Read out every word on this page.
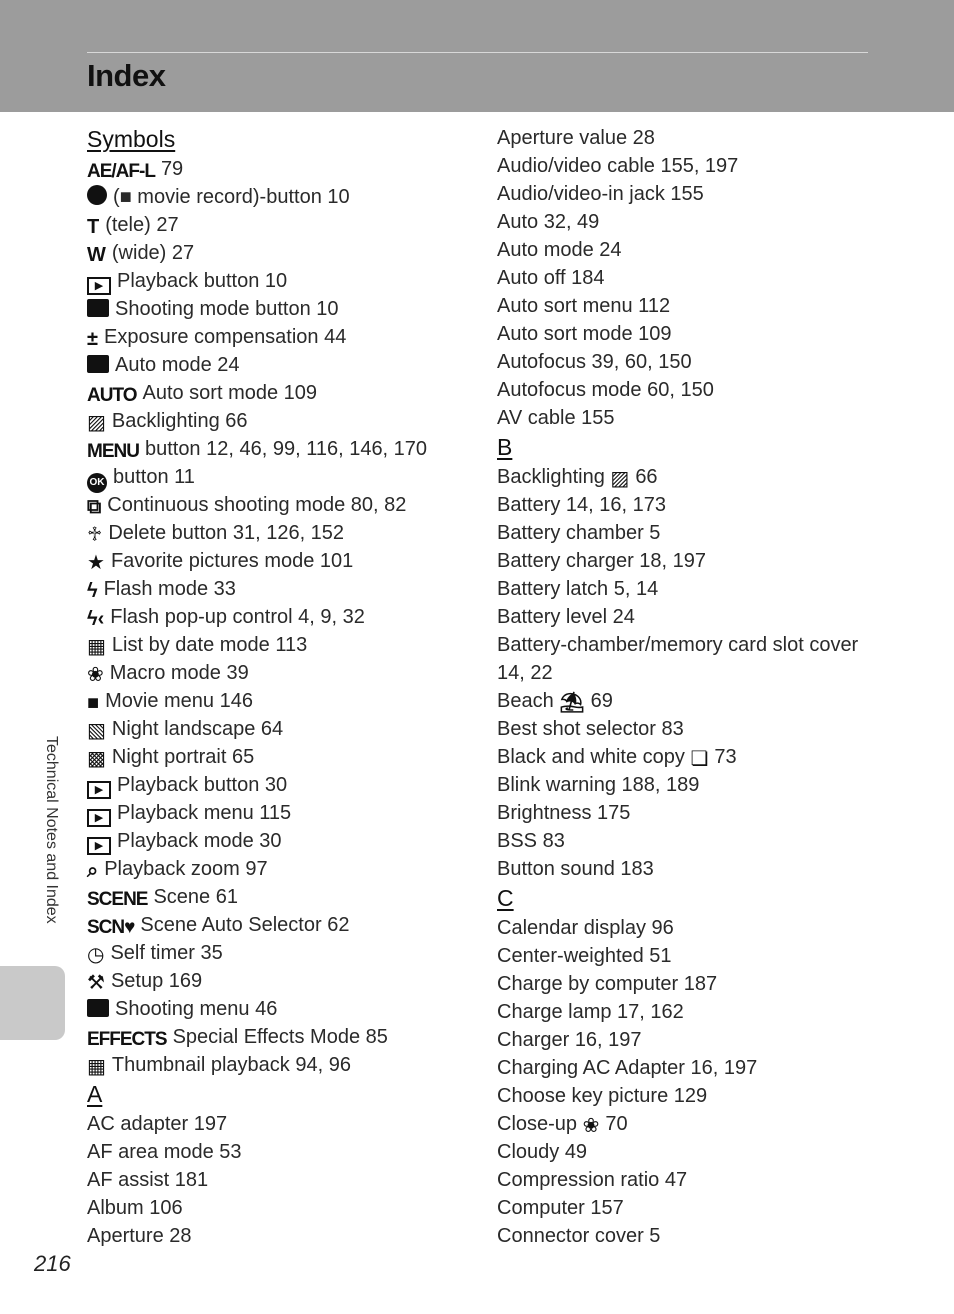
Index
Technical Notes and Index
216
Symbols
AE/AF-L 79
(■ movie record)-button 10
T (tele) 27
W (wide) 27
▶ Playback button 10
Shooting mode button 10
± Exposure compensation 44
Auto mode 24
AUTO Auto sort mode 109
▨ Backlighting 66
MENU button 12, 46, 99, 116, 146, 170
OK button 11
⧉ Continuous shooting mode 80, 82
♱ Delete button 31, 126, 152
★ Favorite pictures mode 101
ϟ Flash mode 33
ϟ‹ Flash pop-up control 4, 9, 32
▦ List by date mode 113
❀ Macro mode 39
■ Movie menu 146
▧ Night landscape 64
▩ Night portrait 65
▶ Playback button 30
▶ Playback menu 115
▶ Playback mode 30
⌕ Playback zoom 97
SCENE Scene 61
SCN♥ Scene Auto Selector 62
◷ Self timer 35
⚒ Setup 169
Shooting menu 46
EFFECTS Special Effects Mode 85
▦ Thumbnail playback 94, 96
A
AC adapter 197
AF area mode 53
AF assist 181
Album 106
Aperture 28
Aperture value 28
Audio/video cable 155, 197
Audio/video-in jack 155
Auto 32, 49
Auto mode 24
Auto off 184
Auto sort menu 112
Auto sort mode 109
Autofocus 39, 60, 150
Autofocus mode 60, 150
AV cable 155
B
Backlighting ▨ 66
Battery 14, 16, 173
Battery chamber 5
Battery charger 18, 197
Battery latch 5, 14
Battery level 24
Battery-chamber/memory card slot cover 14, 22
Beach ⛱ 69
Best shot selector 83
Black and white copy ❏ 73
Blink warning 188, 189
Brightness 175
BSS 83
Button sound 183
C
Calendar display 96
Center-weighted 51
Charge by computer 187
Charge lamp 17, 162
Charger 16, 197
Charging AC Adapter 16, 197
Choose key picture 129
Close-up ❀ 70
Cloudy 49
Compression ratio 47
Computer 157
Connector cover 5
